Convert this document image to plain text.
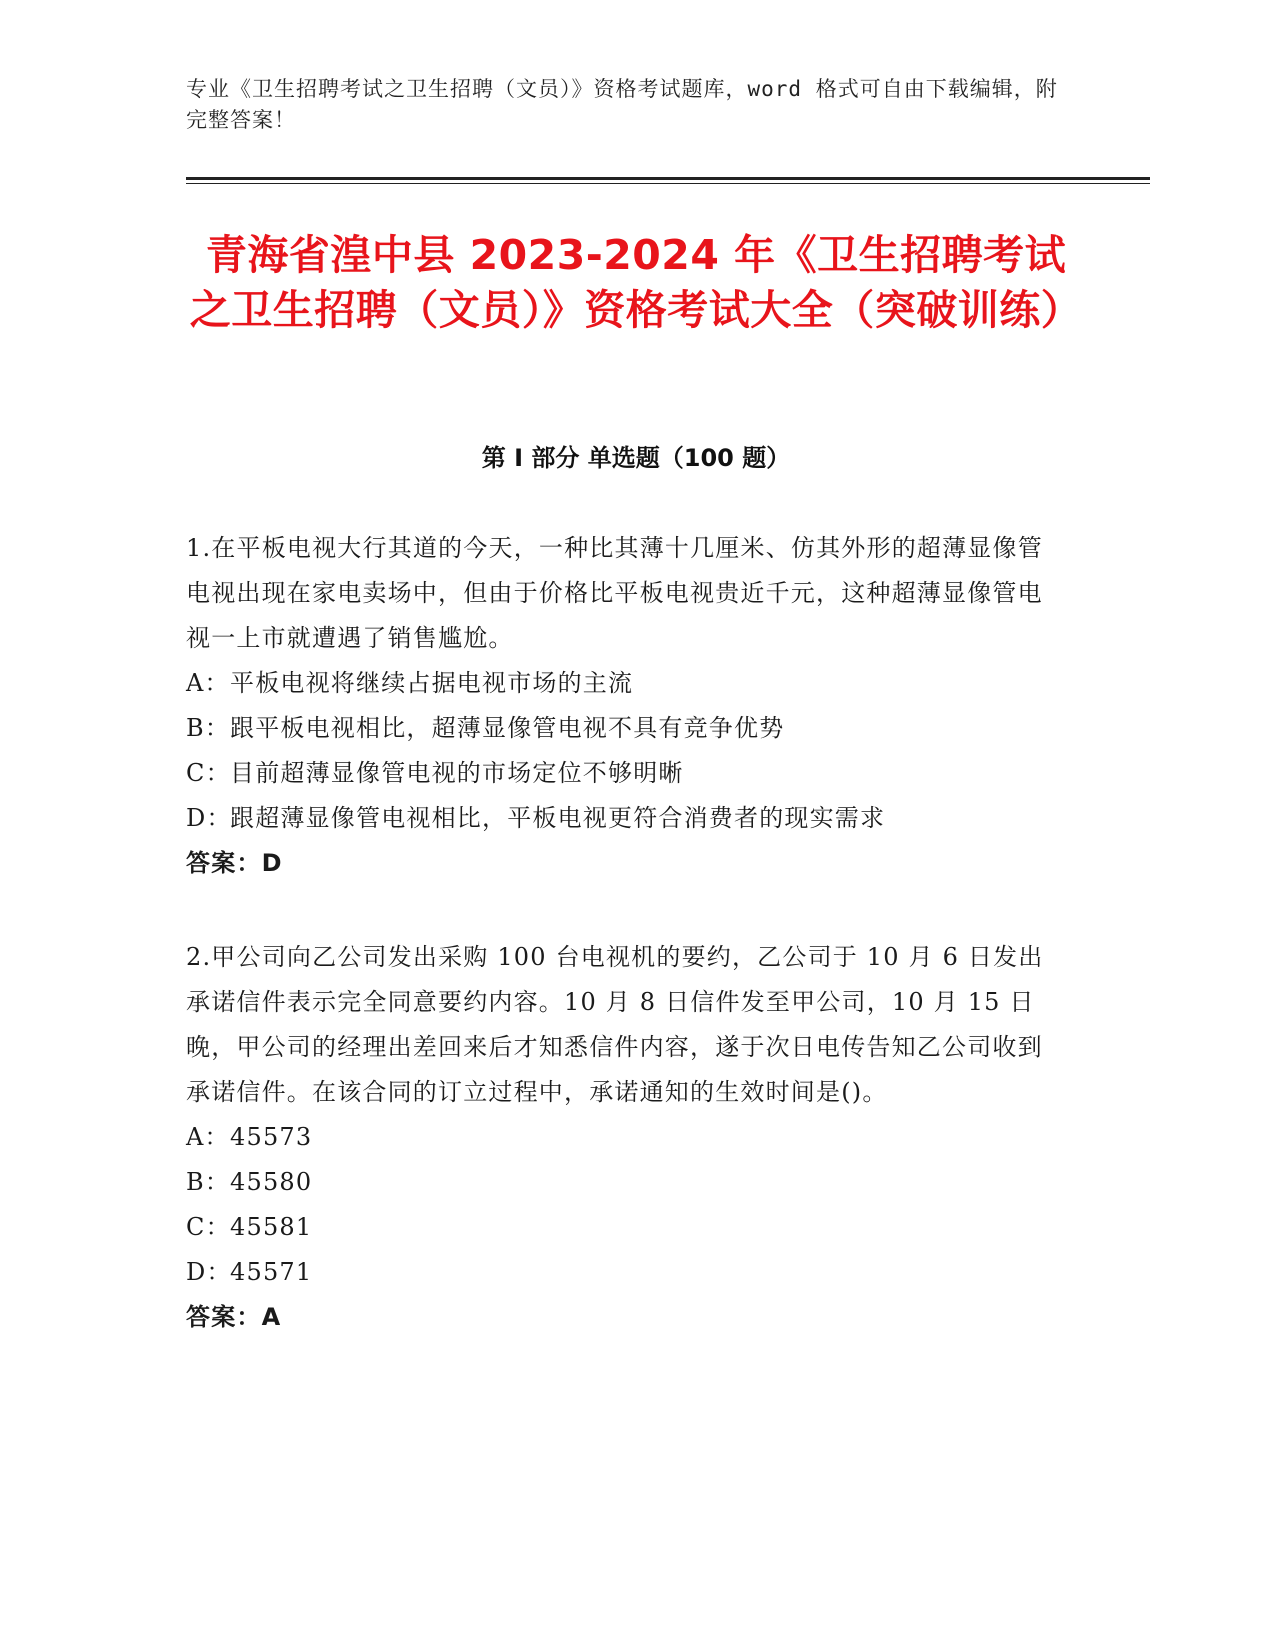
专业《卫生招聘考试之卫生招聘（文员）》资格考试题库，word 格式可自由下载编辑，附完整答案！
青海省湟中县 2023-2024 年《卫生招聘考试之卫生招聘（文员）》资格考试大全（突破训练）
第 I 部分 单选题（100 题）

1.在平板电视大行其道的今天，一种比其薄十几厘米、仿其外形的超薄显像管电视出现在家电卖场中，但由于价格比平板电视贵近千元，这种超薄显像管电视一上市就遭遇了销售尴尬。

A：平板电视将继续占据电视市场的主流

B：跟平板电视相比，超薄显像管电视不具有竞争优势

C：目前超薄显像管电视的市场定位不够明晰

D：跟超薄显像管电视相比，平板电视更符合消费者的现实需求

答案：D

2.甲公司向乙公司发出采购 100 台电视机的要约，乙公司于 10 月 6 日发出承诺信件表示完全同意要约内容。10 月 8 日信件发至甲公司，10 月 15 日晚，甲公司的经理出差回来后才知悉信件内容，遂于次日电传告知乙公司收到承诺信件。在该合同的订立过程中，承诺通知的生效时间是()。

A：45573

B：45580

C：45581

D：45571

答案：A
